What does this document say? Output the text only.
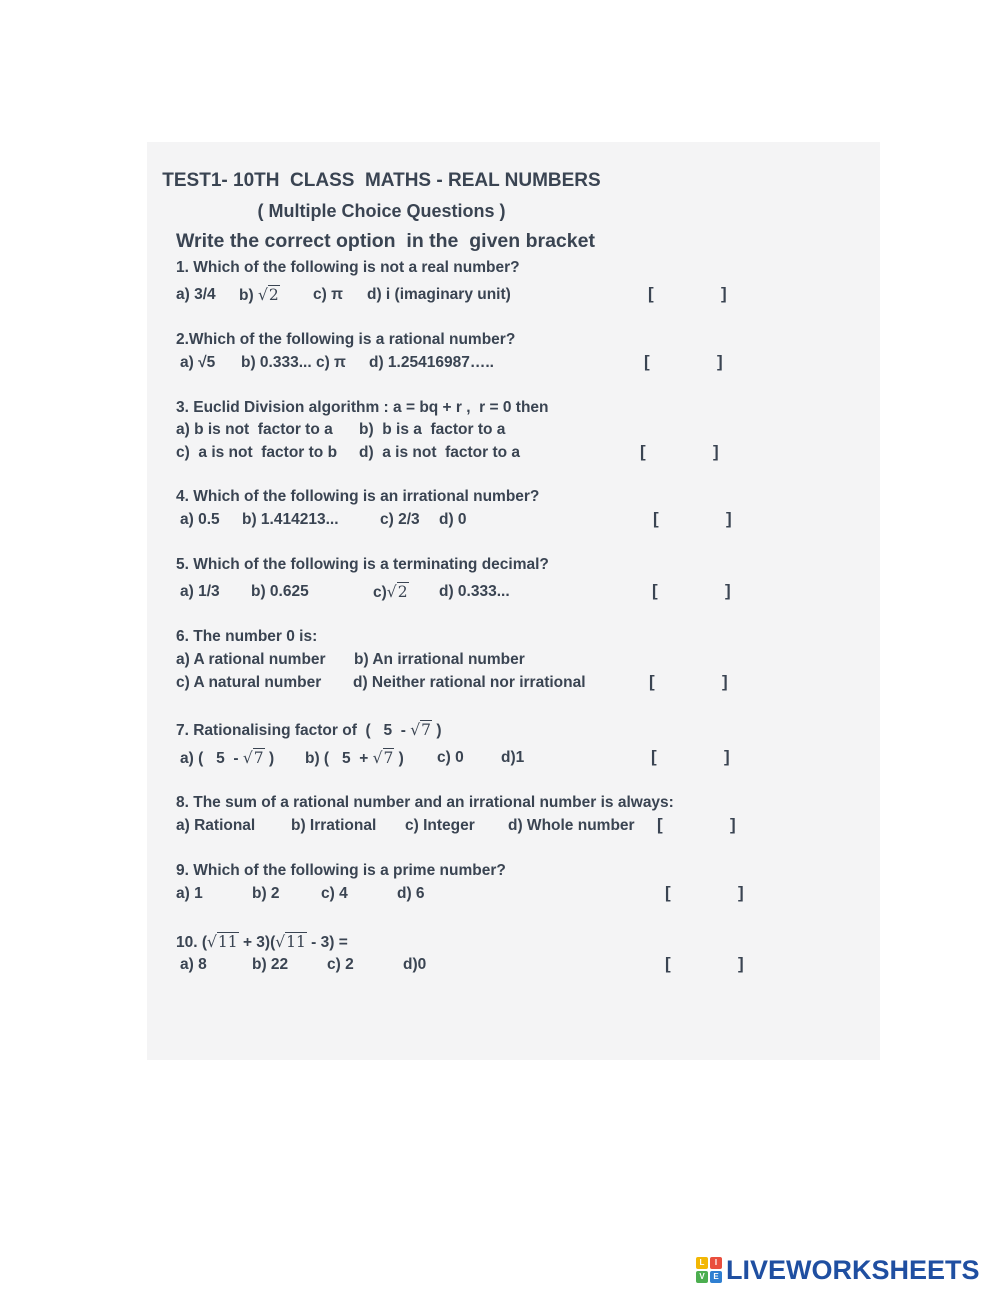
TEST1- 10TH  CLASS  MATHS - REAL NUMBERS
( Multiple Choice Questions )
Write the correct option  in the  given bracket
1. Which of the following is not a real number?
a) 3/4 b) √2 c) π d) i (imaginary unit)	[	]
2.Which of the following is a rational number?
a) √5 b) 0.333... c) π d) 1.25416987…..	[	]
3. Euclid Division algorithm : a = bq + r ,  r = 0 then
a) b is not  factor to a b)  b is a  factor to a
c)  a is not  factor to b d)  a is not  factor to a	[	]
4. Which of the following is an irrational number?
a) 0.5 b) 1.414213...	c) 2/3 d) 0	[	]
5. Which of the following is a terminating decimal?
a) 1/3 b) 0.625	c)√2 d) 0.333...	[	]
6. The number 0 is:
a) A rational number b) An irrational number
c) A natural number d) Neither rational nor irrational	[	]
7. Rationalising factor of  (   5  - √7 )
a) (   5  - √7 ) b) (   5  + √7 ) c) 0 d)1	[	]
8. The sum of a rational number and an irrational number is always:
a) Rational b) Irrational c) Integer d) Whole number [	]
9. Which of the following is a prime number?
a) 1	b) 2	c) 4	d) 6	[	]
10. (√11 + 3)(√11 - 3) =
a) 8	b) 22	c) 2	d)0	[	]
L	I
V	E LIVEWORKSHEETS
